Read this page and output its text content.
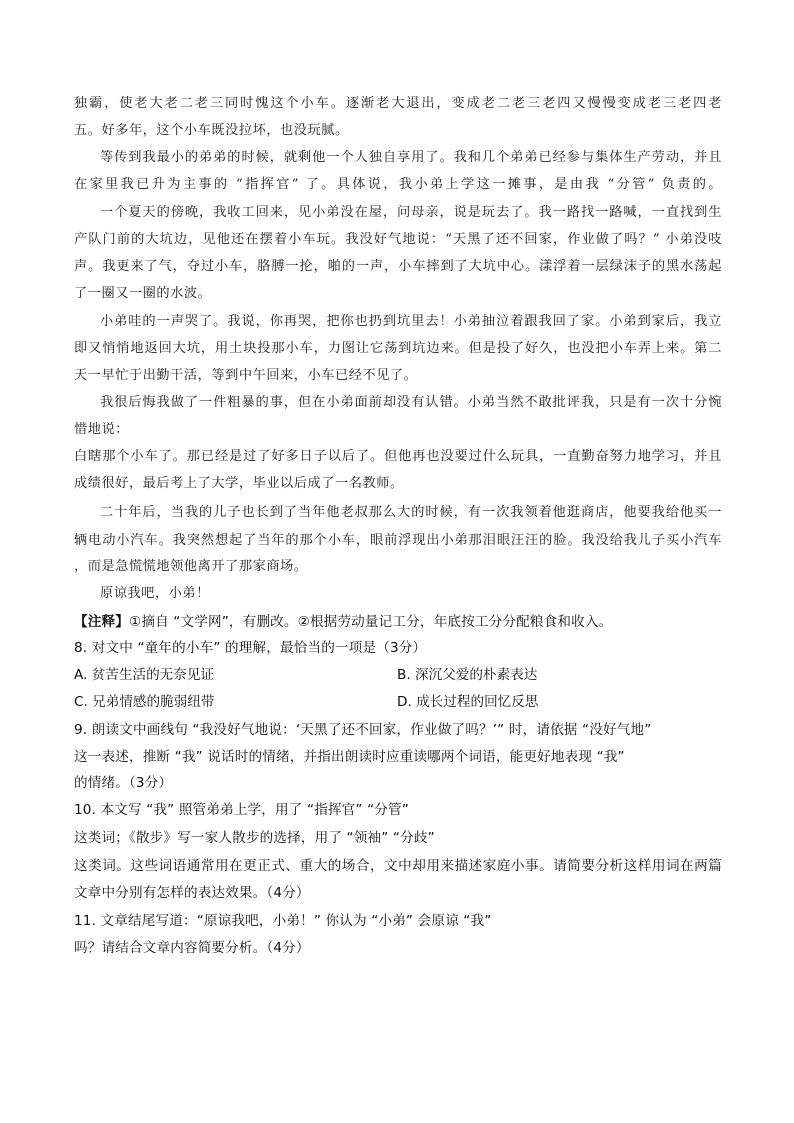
独霸，使老大老二老三同时愧这个小车。逐渐老大退出，变成老二老三老四又慢慢变成老三老四老
五。好多年，这个小车既没拉坏，也没玩腻。
等传到我最小的弟弟的时候，就剩他一个人独自享用了。我和几个弟弟已经参与集体生产劳动，并且
在家里我已升为主事的 “指挥官” 了。具体说，我小弟上学这一摊事，是由我 “分管” 负责的。
一个夏天的傍晚，我收工回来，见小弟没在屋，问母亲，说是玩去了。我一路找一路喊，一直找到生
产队门前的大坑边，见他还在摆着小车玩。我没好气地说：“天黑了还不回家，作业做了吗？” 小弟没吱
声。我更来了气，夺过小车，胳膊一抡，啪的一声，小车摔到了大坑中心。漾浮着一层绿沫子的黑水荡起
了一圈又一圈的水波。
小弟哇的一声哭了。我说，你再哭，把你也扔到坑里去！小弟抽泣着跟我回了家。小弟到家后，我立
即又悄悄地返回大坑，用土块投那小车，力图让它荡到坑边来。但是投了好久，也没把小车弄上来。第二
天一早忙于出勤干活，等到中午回来，小车已经不见了。
我很后悔我做了一件粗暴的事，但在小弟面前却没有认错。小弟当然不敢批评我，只是有一次十分惋
惜地说：
白瞎那个小车了。那已经是过了好多日子以后了。但他再也没要过什么玩具，一直勤奋努力地学习，并且
成绩很好，最后考上了大学，毕业以后成了一名教师。
二十年后，当我的儿子也长到了当年他老叔那么大的时候，有一次我领着他逛商店，他要我给他买一
辆电动小汽车。我突然想起了当年的那个小车，眼前浮现出小弟那泪眼汪汪的脸。我没给我儿子买小汽车
，而是急慌慌地领他离开了那家商场。
原谅我吧，小弟！
【注释】①摘自 “文学网”，有删改。②根据劳动量记工分，年底按工分分配粮食和收入。
8. 对文中 “童年的小车” 的理解，最恰当的一项是（3分）
A. 贫苦生活的无奈见证	B. 深沉父爱的朴素表达
C. 兄弟情感的脆弱纽带	D. 成长过程的回忆反思
9. 朗读文中画线句 “我没好气地说：‘天黑了还不回家，作业做了吗？’” 时，请依据 “没好气地”
这一表述，推断 “我” 说话时的情绪，并指出朗读时应重读哪两个词语，能更好地表现 “我”
的情绪。（3分）
10. 本文写 “我” 照管弟弟上学，用了 “指挥官” “分管”
这类词；《散步》写一家人散步的选择，用了 “领袖” “分歧”
这类词。这些词语通常用在更正式、重大的场合，文中却用来描述家庭小事。请简要分析这样用词在两篇
文章中分别有怎样的表达效果。（4分）
11. 文章结尾写道：“原谅我吧，小弟！” 你认为 “小弟” 会原谅 “我”
吗？请结合文章内容简要分析。（4分）
